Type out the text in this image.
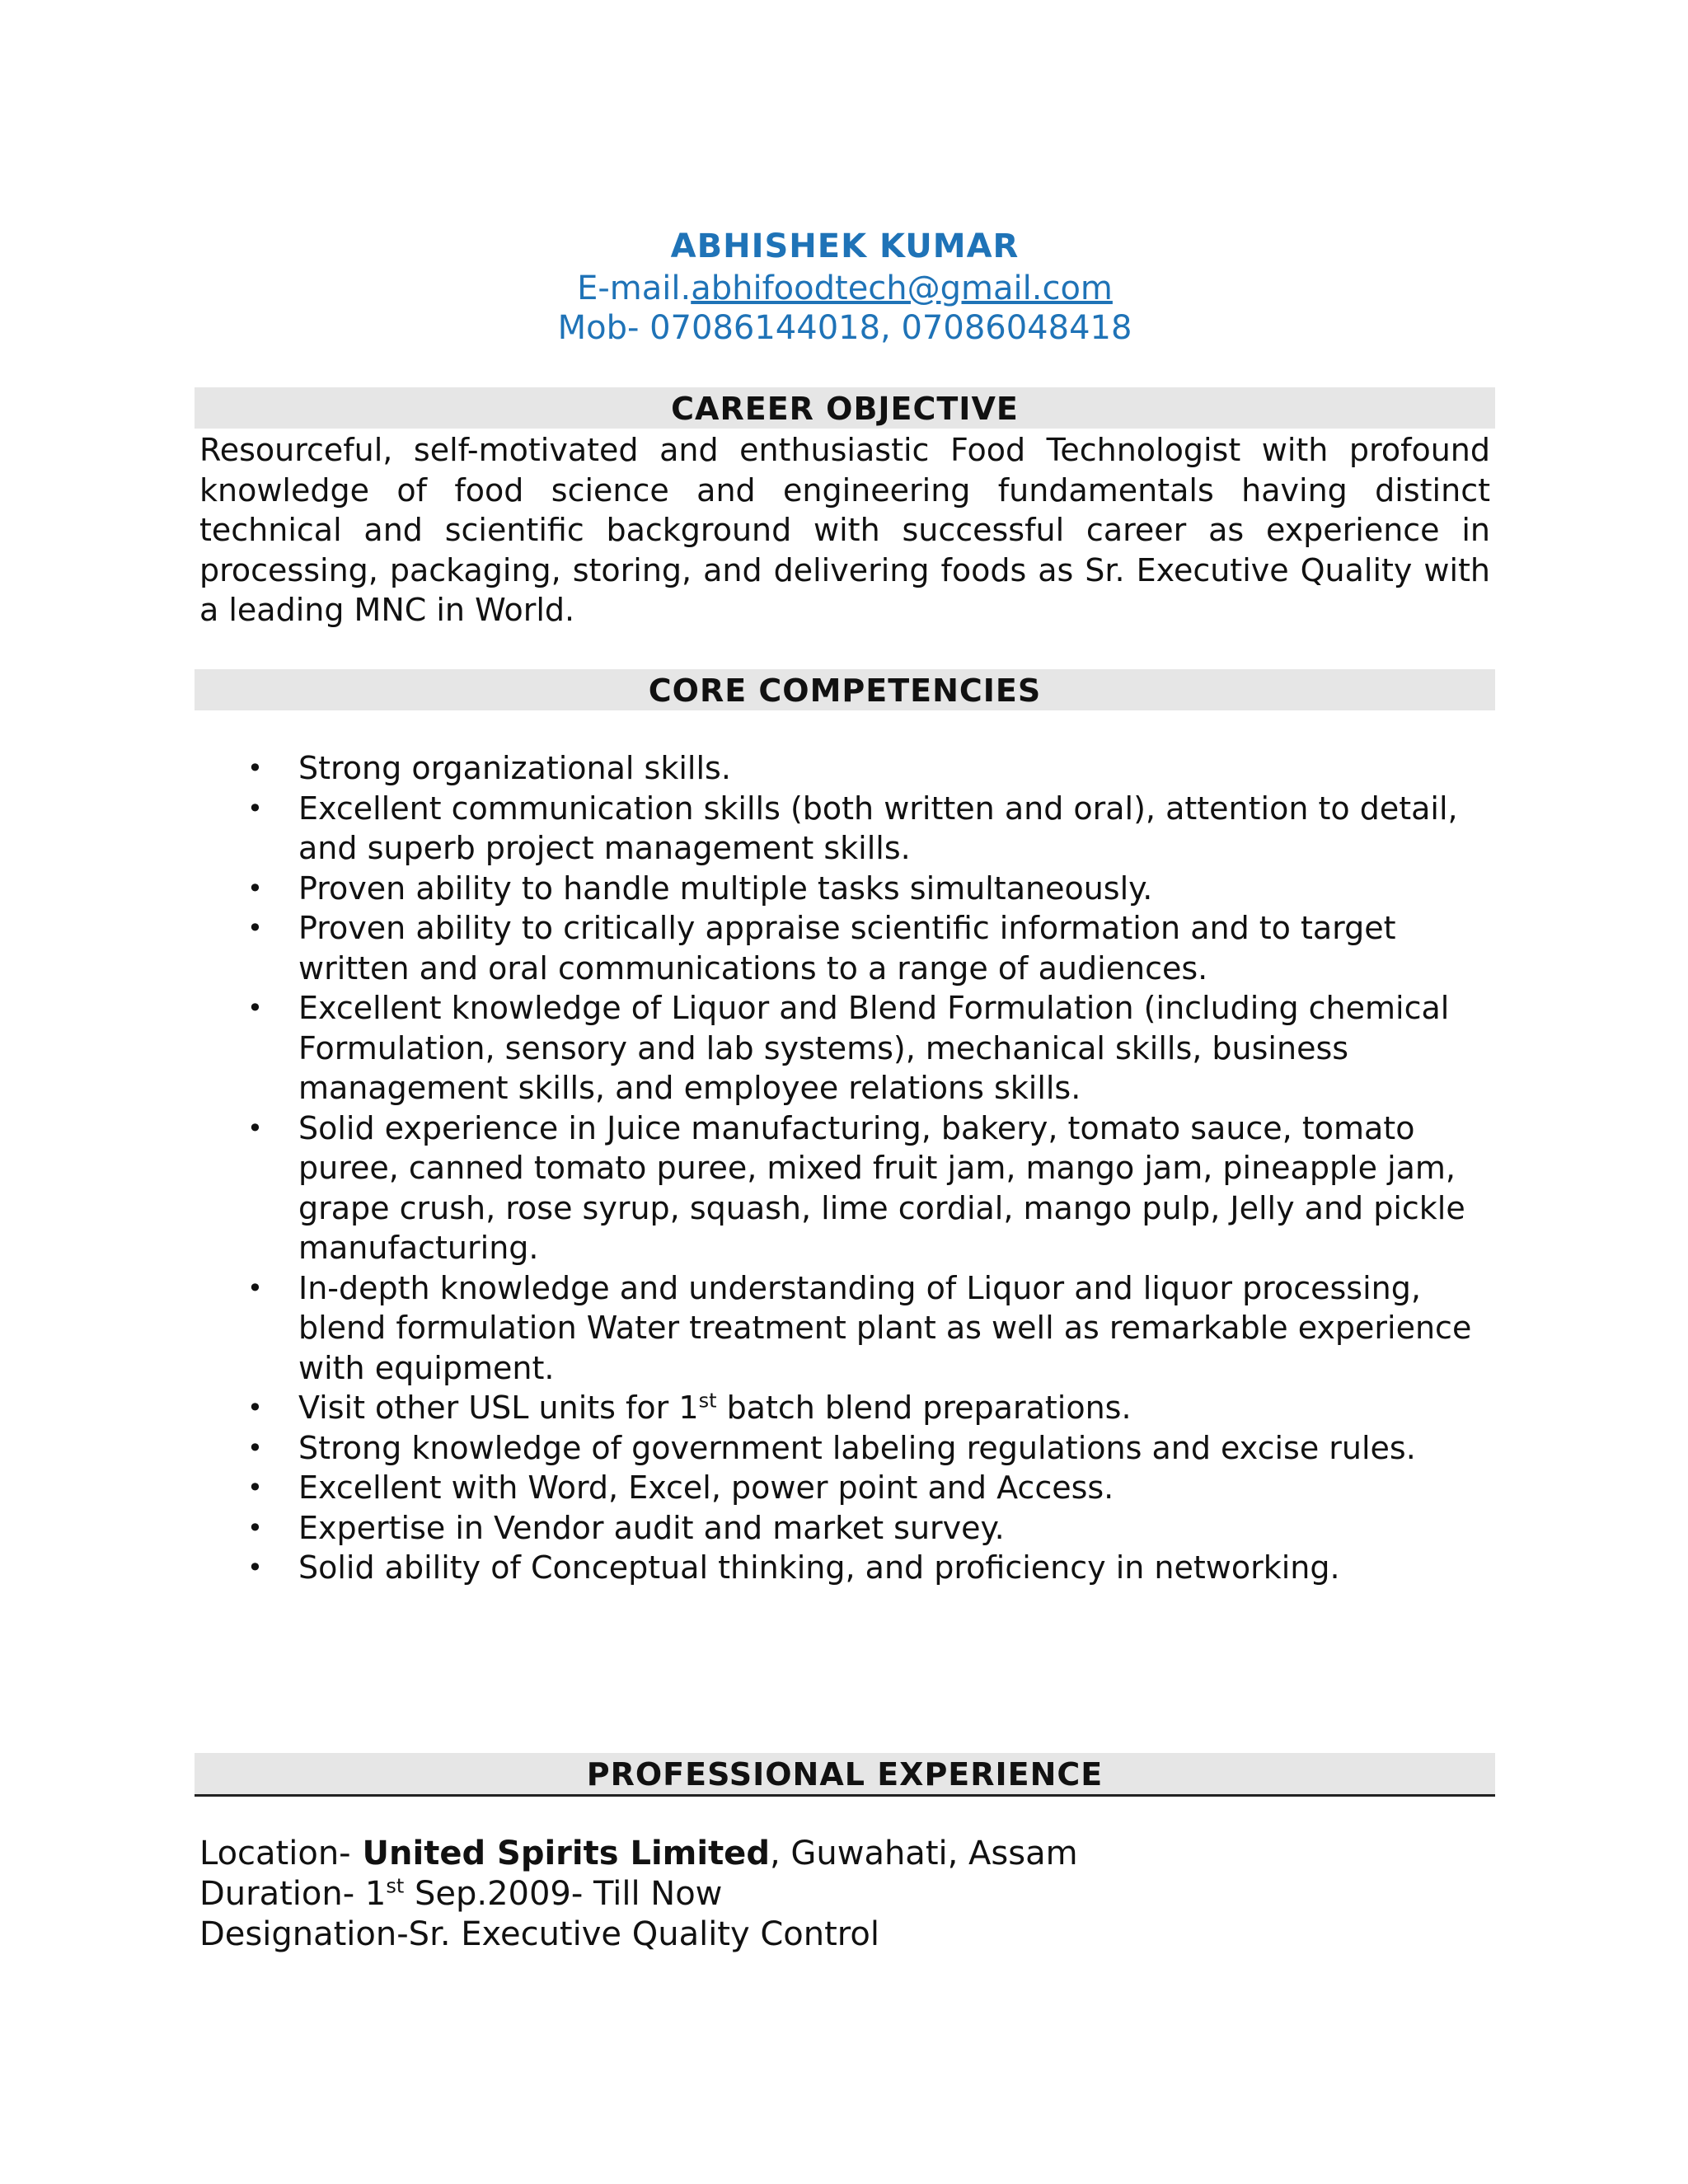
ABHISHEK KUMAR
E-mail.abhifoodtech@gmail.com
Mob- 07086144018, 07086048418
CAREER OBJECTIVE
Resourceful, self-motivated and enthusiastic Food Technologist with profound knowledge of food science and engineering fundamentals having distinct technical and scientific background with successful career as experience in processing, packaging, storing, and delivering foods as Sr. Executive Quality with a leading MNC in World.
CORE COMPETENCIES
• Strong organizational skills.
• Excellent communication skills (both written and oral), attention to detail, and superb project management skills.
• Proven ability to handle multiple tasks simultaneously.
• Proven ability to critically appraise scientific information and to target written and oral communications to a range of audiences.
• Excellent knowledge of Liquor and Blend Formulation (including chemical Formulation, sensory and lab systems), mechanical skills, business management skills, and employee relations skills.
• Solid experience in Juice manufacturing, bakery, tomato sauce, tomato puree, canned tomato puree, mixed fruit jam, mango jam, pineapple jam, grape crush, rose syrup, squash, lime cordial, mango pulp, Jelly and pickle manufacturing.
• In-depth knowledge and understanding of Liquor and liquor processing, blend formulation Water treatment plant as well as remarkable experience with equipment.
• Visit other USL units for 1st batch blend preparations.
• Strong knowledge of government labeling regulations and excise rules.
• Excellent with Word, Excel, power point and Access.
• Expertise in Vendor audit and market survey.
• Solid ability of Conceptual thinking, and proficiency in networking.
PROFESSIONAL EXPERIENCE
Location- United Spirits Limited, Guwahati, Assam
Duration- 1st Sep.2009- Till Now
Designation-Sr. Executive Quality Control
